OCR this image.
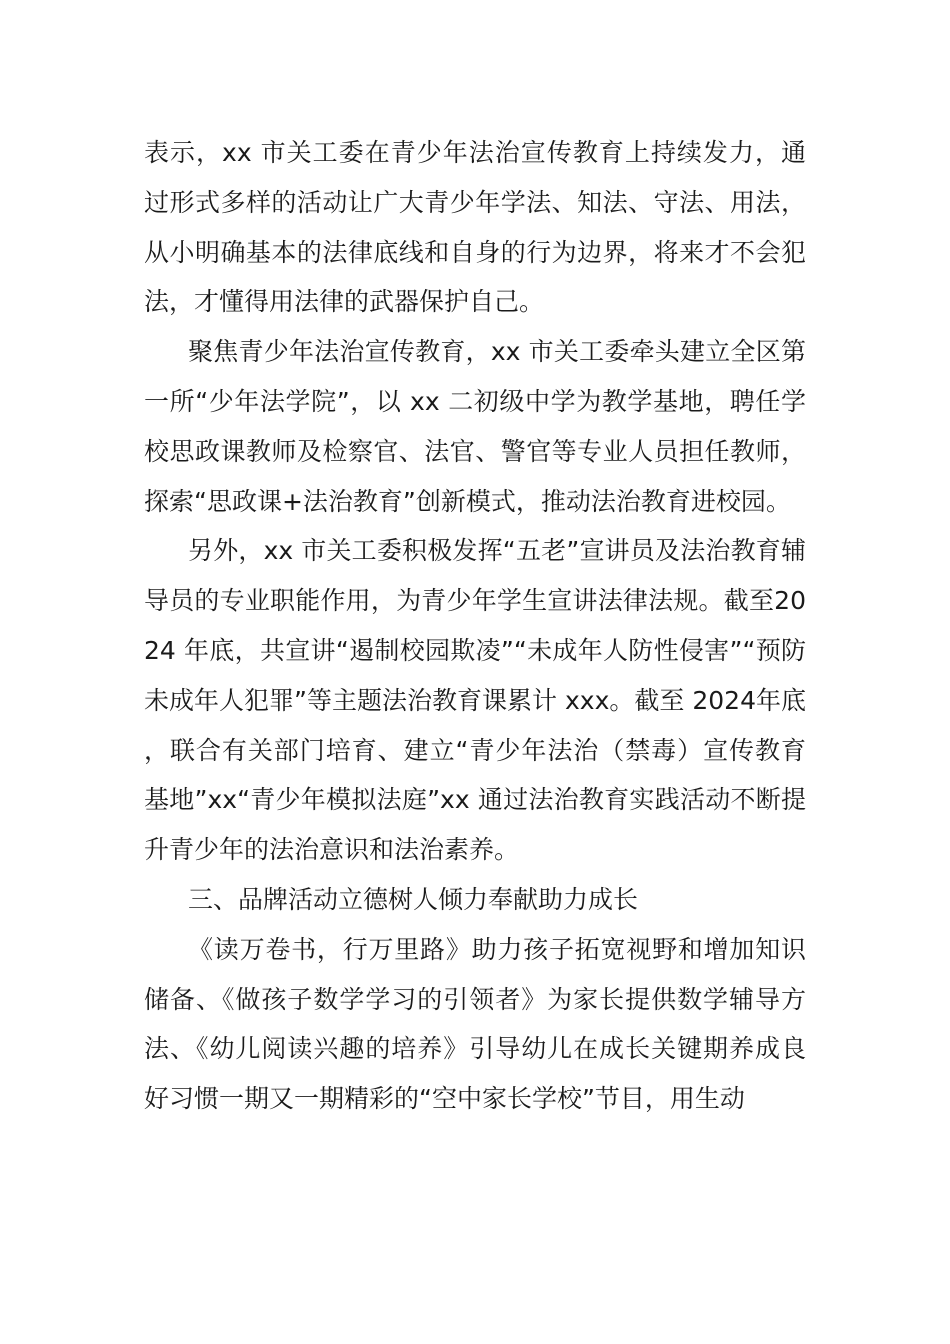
表示，xx 市关工委在青少年法治宣传教育上持续发力，通过形式多样的活动让广大青少年学法、知法、守法、用法，从小明确基本的法律底线和自身的行为边界，将来才不会犯法，才懂得用法律的武器保护自己。

聚焦青少年法治宣传教育，xx 市关工委牵头建立全区第一所“少年法学院”，以 xx 二初级中学为教学基地，聘任学校思政课教师及检察官、法官、警官等专业人员担任教师，探索“思政课+法治教育”创新模式，推动法治教育进校园。

另外，xx 市关工委积极发挥“五老”宣讲员及法治教育辅导员的专业职能作用，为青少年学生宣讲法律法规。截至2024 年底，共宣讲“遏制校园欺凌”“未成年人防性侵害”“预防未成年人犯罪”等主题法治教育课累计 xxx。截至 2024年底，联合有关部门培育、建立“青少年法治（禁毒）宣传教育基地”xx“青少年模拟法庭”xx 通过法治教育实践活动不断提升青少年的法治意识和法治素养。

三、品牌活动立德树人倾力奉献助力成长

《读万卷书，行万里路》助力孩子拓宽视野和增加知识储备、《做孩子数学学习的引领者》为家长提供数学辅导方法、《幼儿阅读兴趣的培养》引导幼儿在成长关键期养成良好习惯一期又一期精彩的“空中家长学校”节目，用生动
